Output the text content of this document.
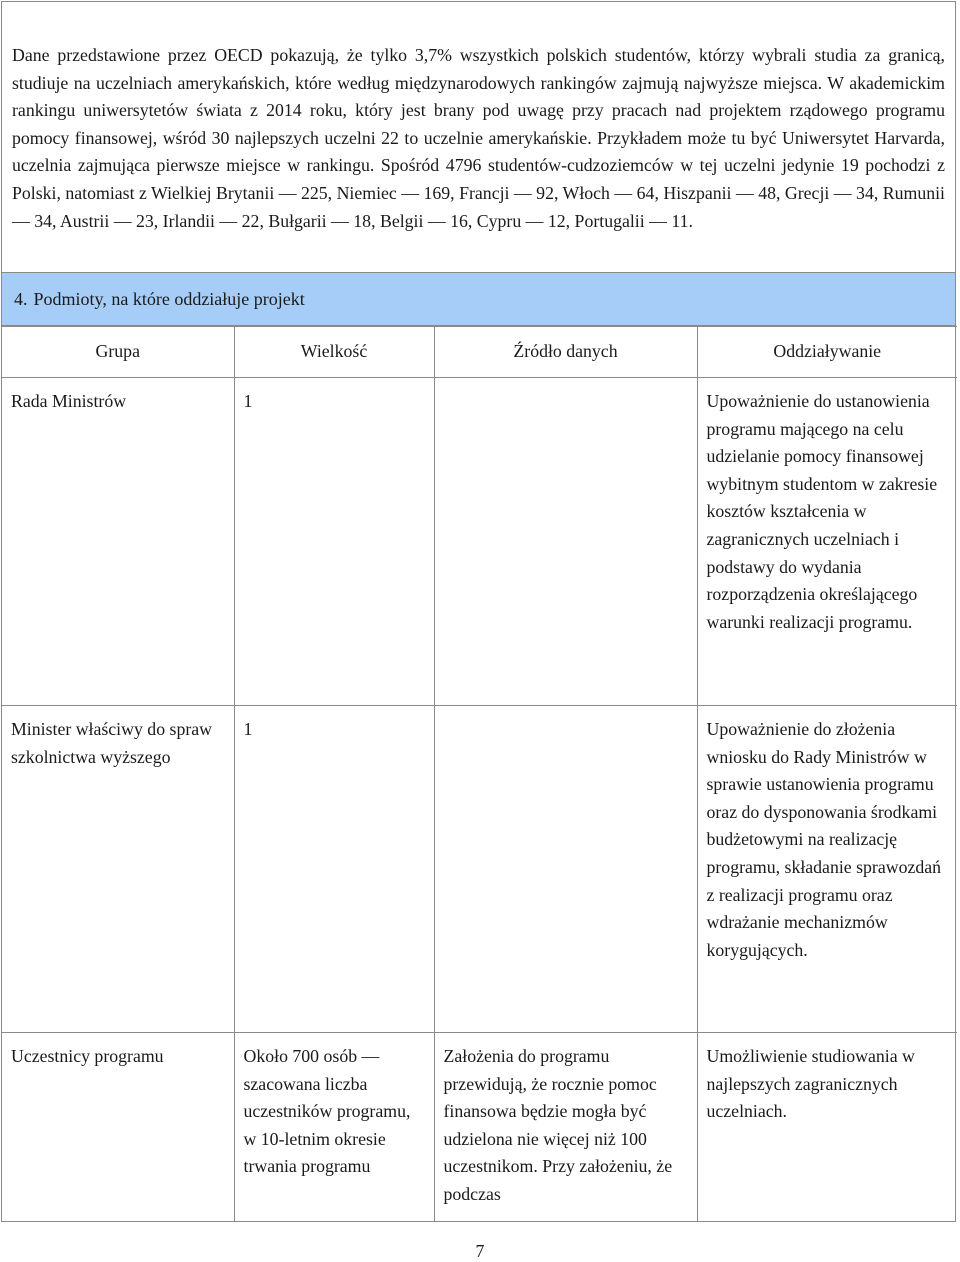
Dane przedstawione przez OECD pokazują, że tylko 3,7% wszystkich polskich studentów, którzy wybrali studia za granicą, studiuje na uczelniach amerykańskich, które według międzynarodowych rankingów zajmują najwyższe miejsca. W akademickim rankingu uniwersytetów świata z 2014 roku, który jest brany pod uwagę przy pracach nad projektem rządowego programu pomocy finansowej, wśród 30 najlepszych uczelni 22 to uczelnie amerykańskie. Przykładem może tu być Uniwersytet Harvarda, uczelnia zajmująca pierwsze miejsce w rankingu. Spośród 4796 studentów-cudzoziemców w tej uczelni jedynie 19 pochodzi z Polski, natomiast z Wielkiej Brytanii — 225, Niemiec — 169, Francji — 92, Włoch — 64, Hiszpanii — 48, Grecji — 34, Rumunii — 34, Austrii — 23, Irlandii — 22, Bułgarii — 18, Belgii — 16, Cypru — 12, Portugalii — 11.
4. Podmioty, na które oddziałuje projekt
Grupa	Wielkość	Źródło danych	Oddziaływanie
Rada Ministrów	1		Upoważnienie do ustanowienia programu mającego na celu udzielanie pomocy finansowej wybitnym studentom w zakresie kosztów kształcenia w zagranicznych uczelniach i podstawy do wydania rozporządzenia określającego warunki realizacji programu.
Minister właściwy do spraw szkolnictwa wyższego	1		Upoważnienie do złożenia wniosku do Rady Ministrów w sprawie ustanowienia programu oraz do dysponowania środkami budżetowymi na realizację programu, składanie sprawozdań z realizacji programu oraz wdrażanie mechanizmów korygujących.
Uczestnicy programu	Około 700 osób — szacowana liczba uczestników programu, w 10-letnim okresie trwania programu	Założenia do programu przewidują, że rocznie pomoc finansowa będzie mogła być udzielona nie więcej niż 100 uczestnikom. Przy założeniu, że podczas	Umożliwienie studiowania w najlepszych zagranicznych uczelniach.
7
